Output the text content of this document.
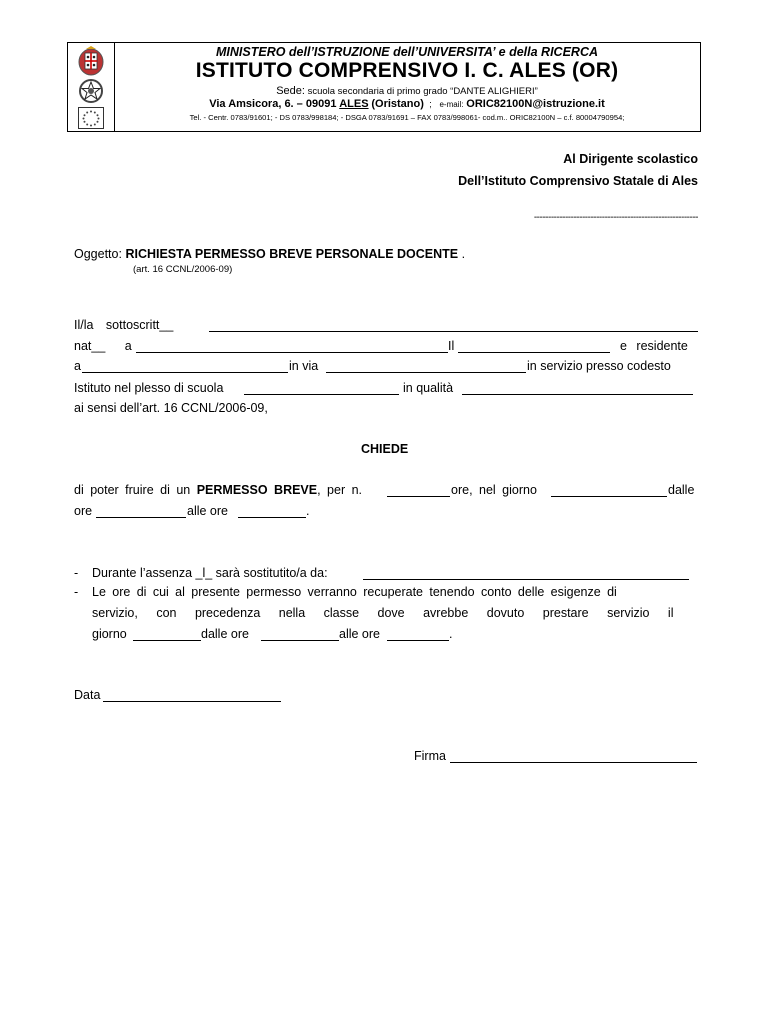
MINISTERO dell’ISTRUZIONE dell’UNIVERSITA’ e della RICERCA
ISTITUTO COMPRENSIVO I. C. ALES (OR)
Sede: scuola secondaria di primo grado “DANTE ALIGHIERI”
Via Amsicora, 6. – 09091 ALES (Oristano)  ;   e-mail: ORIC82100N@istruzione.it
Tel. - Centr. 0783/91601; - DS 0783/998184; - DSGA 0783/91691 – FAX 0783/998061- cod.m.. ORIC82100N – c.f. 80004790954;
Al Dirigente scolastico
Dell’Istituto Comprensivo Statale di Ales
----------------------------------------------------------
Oggetto: RICHIESTA PERMESSO BREVE PERSONALE DOCENTE .
(art. 16 CCNL/2006-09)
Il/la sottoscritt__
nat__ a	Il	e residente
a	in via	in servizio presso codesto
Istituto nel plesso di scuola	in qualità
ai sensi dell’art. 16 CCNL/2006-09,
CHIEDE
di poter fruire di un PERMESSO BREVE, per n.	ore, nel giorno	dalle
ore	alle ore	.
- Durante l’assenza _l_ sarà sostitutito/a da:
- Le ore di cui al presente permesso verranno recuperate tenendo conto delle esigenze di
servizio, con precedenza nella classe dove avrebbe dovuto prestare servizio il
giorno	dalle ore	alle ore	.
Data
Firma
